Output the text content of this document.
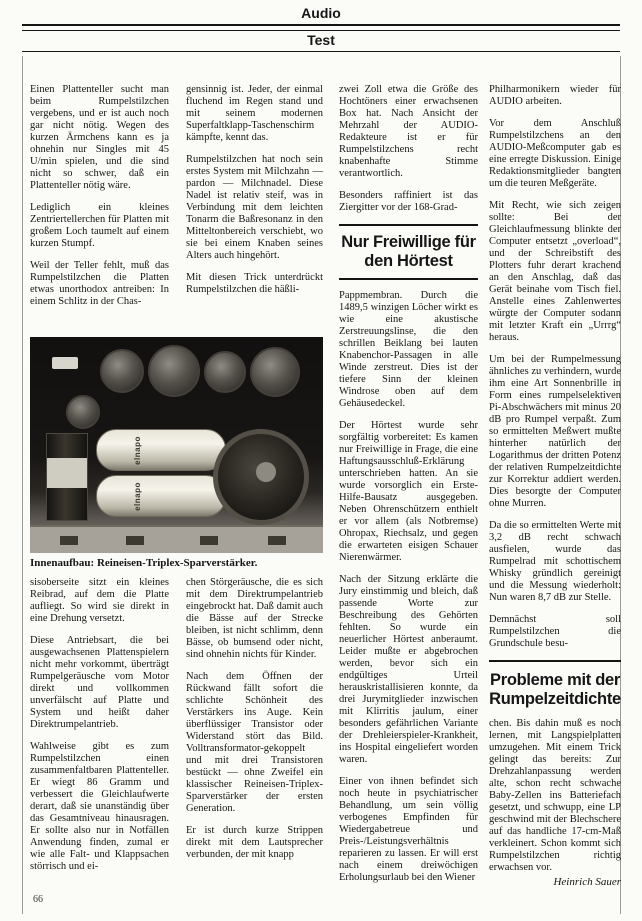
Audio
Test

Einen Plattenteller sucht man beim Rumpelstilzchen vergebens, und er ist auch noch gar nicht nötig. Wegen des kurzen Ärmchens kann es ja ohnehin nur Singles mit 45 U/min spielen, und die sind nicht so schwer, daß ein Plattenteller nötig wäre.

Lediglich ein kleines Zentriertellerchen für Platten mit großem Loch taumelt auf einem kurzen Stumpf.

Weil der Teller fehlt, muß das Rumpelstilzchen die Platten etwas unorthodox antreiben: In einem Schlitz in der Chas-

gensinnig ist. Jeder, der einmal fluchend im Regen stand und mit seinem modernen Superfaltklapp-Taschenschirm kämpfte, kennt das.

Rumpelstilzchen hat noch sein erstes System mit Milchzahn — pardon — Milchnadel. Diese Nadel ist relativ steif, was in Verbindung mit dem leichten Tonarm die Baßresonanz in den Mitteltonbereich verschiebt, wo sie bei einem Knaben seines Alters auch hingehört.

Mit diesen Trick unterdrückt Rumpelstilzchen die häßli-

elnapo
elnapo
Innenaufbau: Reineisen-Triplex-Sparverstärker.

sisoberseite sitzt ein kleines Reibrad, auf dem die Platte aufliegt. So wird sie direkt in eine Drehung versetzt.

Diese Antriebsart, die bei ausgewachsenen Plattenspielern nicht mehr vorkommt, überträgt Rumpelgeräusche vom Motor direkt und vollkommen unverfälscht auf Platte und System und heißt daher Direktrumpelantrieb.

Wahlweise gibt es zum Rumpelstilzchen einen zusammenfaltbaren Plattenteller. Er wiegt 86 Gramm und verbessert die Gleichlaufwerte derart, daß sie unanständig über das Gesamtniveau hinausragen. Er sollte also nur in Notfällen Anwendung finden, zumal er wie alle Falt- und Klappsachen störrisch und ei-

chen Störgeräusche, die es sich mit dem Direktrumpelantrieb eingebrockt hat. Daß damit auch die Bässe auf der Strecke bleiben, ist nicht schlimm, denn Bässe, ob bumsend oder nicht, sind ohnehin nichts für Kinder.

Nach dem Öffnen der Rückwand fällt sofort die schlichte Schönheit des Verstärkers ins Auge. Kein überflüssiger Transistor oder Widerstand stört das Bild. Volltransformator-gekoppelt und mit drei Transistoren bestückt — ohne Zweifel ein klassischer Reineisen-Triplex-Sparverstärker der ersten Generation.

Er ist durch kurze Strippen direkt mit dem Lautsprecher verbunden, der mit knapp

zwei Zoll etwa die Größe des Hochtöners einer erwachsenen Box hat. Nach Ansicht der Mehrzahl der AUDIO-Redakteure ist er für Rumpelstilzchens recht knabenhafte Stimme verantwortlich.

Besonders raffiniert ist das Ziergitter vor der 168-Grad-

Nur Freiwillige für den Hörtest

Pappmembran. Durch die 1489,5 winzigen Löcher wirkt es wie eine akustische Zerstreuungslinse, die den schrillen Beiklang bei lauten Knabenchor-Passagen in alle Winde zerstreut. Dies ist der tiefere Sinn der kleinen Windrose oben auf dem Gehäusedeckel.

Der Hörtest wurde sehr sorgfältig vorbereitet: Es kamen nur Freiwillige in Frage, die eine Haftungsausschluß-Erklärung unterschrieben hatten. An sie wurde vorsorglich ein Erste-Hilfe-Bausatz ausgegeben. Neben Ohrenschützern enthielt er vor allem (als Notbremse) Ohropax, Riechsalz, und gegen die erwarteten eisigen Schauer Nierenwärmer.

Nach der Sitzung erklärte die Jury einstimmig und bleich, daß passende Worte zur Beschreibung des Gehörten fehlten. So wurde ein neuerlicher Hörtest anberaumt. Leider mußte er abgebrochen werden, bevor sich ein endgültiges Urteil herauskristallisieren konnte, da drei Jurymitglieder inzwischen mit Klirritis jaulum, einer besonders gefährlichen Variante der Drehleierspieler-Krankheit, ins Hospital eingeliefert worden waren.

Einer von ihnen befindet sich noch heute in psychiatrischer Behandlung, um sein völlig verbogenes Empfinden für Wiedergabetreue und Preis-/Leistungsverhältnis reparieren zu lassen. Er will erst nach einem dreiwöchigen Erholungsurlaub bei den Wiener

Philharmonikern wieder für AUDIO arbeiten.

Vor dem Anschluß Rumpelstilzchens an den AUDIO-Meßcomputer gab es eine erregte Diskussion. Einige Redaktionsmitglieder bangten um die teuren Meßgeräte.

Mit Recht, wie sich zeigen sollte: Bei der Gleichlaufmessung blinkte der Computer entsetzt „overload“, und der Schreibstift des Plotters fuhr derart krachend an den Anschlag, daß das Gerät beinahe vom Tisch fiel. Anstelle eines Zahlenwertes würgte der Computer sodann mit letzter Kraft ein „Urrrg“ heraus.

Um bei der Rumpelmessung ähnliches zu verhindern, wurde ihm eine Art Sonnenbrille in Form eines rumpelselektiven Pi-Abschwächers mit minus 20 dB pro Rumpel verpaßt. Zum so ermittelten Meßwert mußte hinterher natürlich der Logarithmus der dritten Potenz der relativen Rumpelzeitdichte zur Korrektur addiert werden. Dies besorgte der Computer ohne Murren.

Da die so ermittelten Werte mit 3,2 dB recht schwach ausfielen, wurde das Rumpelrad mit schottischem Whisky gründlich gereinigt und die Messung wiederholt: Nun waren 8,7 dB zur Stelle.

Demnächst soll Rumpelstilzchen die Grundschule besu-

Probleme mit der Rumpelzeitdichte

chen. Bis dahin muß es noch lernen, mit Langspielplatten umzugehen. Mit einem Trick gelingt das bereits: Zur Drehzahlanpassung werden alte, schon recht schwache Baby-Zellen ins Batteriefach gesetzt, und schwupp, eine LP geschwind mit der Blechschere auf das handliche 17-cm-Maß verkleinert. Schon kommt sich Rumpelstilzchen richtig erwachsen vor.

Heinrich Sauer
66
